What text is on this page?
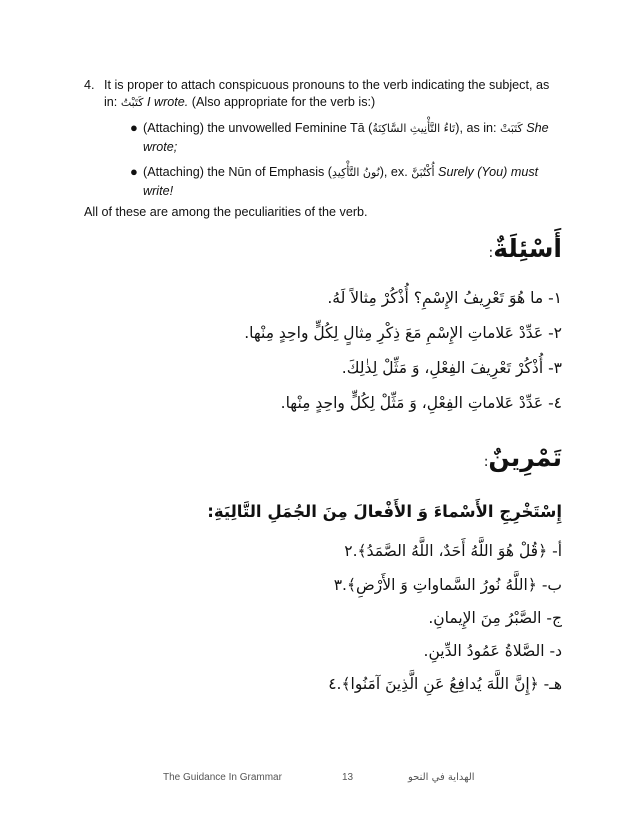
4. It is proper to attach conspicuous pronouns to the verb indicating the subject, as
in: كَتَبْتُ I wrote. (Also appropriate for the verb is:)
● (Attaching) the unvowelled Feminine Tā (تَاءُ التَّأْنِيثِ السَّاكِنَةُ), as in: كَتَبَتْ She
wrote;
● (Attaching) the Nūn of Emphasis (نُونُ التَّأْكِيدِ), ex. أُكْتُبَنَّ Surely (You) must
write!
All of these are among the peculiarities of the verb.
أَسْئِلَةٌ:
١- ما هُوَ تَعْرِيفُ الإِسْمِ؟ أُذْكُرْ مِثالاً لَهُ.
٢- عَدِّدْ عَلاماتِ الإِسْمِ مَعَ ذِكْرِ مِثالٍ لِكُلٍّ واحِدٍ مِنْها.
٣- أُذْكُرْ تَعْرِيفَ الفِعْلِ، وَ مَثِّلْ لِذٰلِكَ.
٤- عَدِّدْ عَلاماتِ الفِعْلِ، وَ مَثِّلْ لِكُلٍّ واحِدٍ مِنْها.
تَمْرِينٌ:
إِسْتَخْرِجِ الأَسْماءَ وَ الأَفْعالَ مِنَ الجُمَلِ التَّالِيَةِ:
أ- ﴿قُلْ هُوَ اللَّهُ أَحَدٌ، اللَّهُ الصَّمَدُ﴾.٢
ب- ﴿اللَّهُ نُورُ السَّماواتِ وَ الأَرْضِ﴾.٣
ج- الصَّبْرُ مِنَ الإِيمانِ.
د- الصَّلاةُ عَمُودُ الدِّينِ.
هـ- ﴿إِنَّ اللَّهَ يُدافِعُ عَنِ الَّذِينَ آمَنُوا﴾.٤
The Guidance In Grammar	13	الهداية في النحو
